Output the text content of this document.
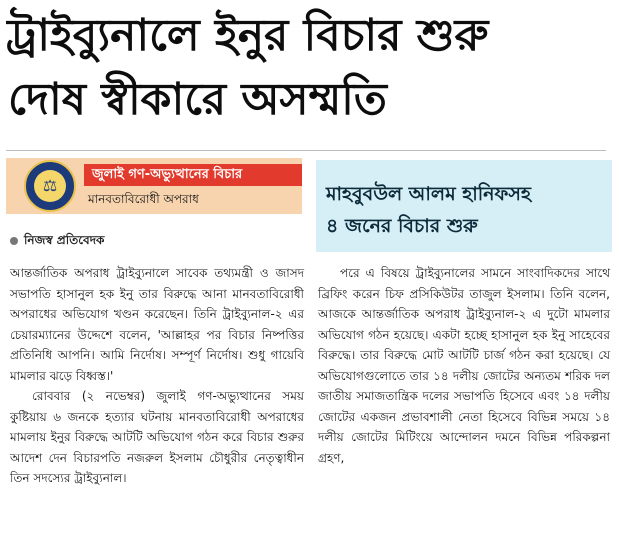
ট্রাইব্যুনালে ইনুর বিচার শুরু
দোষ স্বীকারে অসম্মতি
⚖
জুলাই গণ-অভ্যুত্থানের বিচার
মানবতাবিরোধী অপরাধ	মাহবুবউল আলম হানিফসহ
৪ জনের বিচার শুরু
নিজস্ব প্রতিবেদক

আন্তর্জাতিক অপরাধ ট্রাইব্যুনালে সাবেক তথ্যমন্ত্রী ও জাসদ সভাপতি হাসানুল হক ইনু তার বিরুদ্ধে আনা মানবতাবিরোধী অপরাধের অভিযোগ খণ্ডন করেছেন। তিনি ট্রাইব্যুনাল-২ এর চেয়ারম্যানের উদ্দেশে বলেন, 'আল্লাহর পর বিচার নিষ্পত্তির প্রতিনিধি আপনি। আমি নির্দোষ। সম্পূর্ণ নির্দোষ। শুধু গায়েবি মামলার ঝড়ে বিধ্বস্ত।'

রোববার (২ নভেম্বর) জুলাই গণ-অভ্যুত্থানের সময় কুষ্টিয়ায় ৬ জনকে হত্যার ঘটনায় মানবতাবিরোধী অপরাধের মামলায় ইনুর বিরুদ্ধে আটটি অভিযোগ গঠন করে বিচার শুরুর আদেশ দেন বিচারপতি নজরুল ইসলাম চৌধুরীর নেতৃত্বাধীন তিন সদস্যের ট্রাইব্যুনাল।

পরে এ বিষয়ে ট্রাইব্যুনালের সামনে সাংবাদিকদের সাথে ব্রিফিং করেন চিফ প্রসিকিউটর তাজুল ইসলাম। তিনি বলেন, আজকে আন্তর্জাতিক অপরাধ ট্রাইব্যুনাল-২ এ দুটো মামলার অভিযোগ গঠন হয়েছে। একটা হচ্ছে হাসানুল হক ইনু সাহেবের বিরুদ্ধে। তার বিরুদ্ধে মোট আটটি চার্জ গঠন করা হয়েছে। যে অভিযোগগুলোতে তার ১৪ দলীয় জোটের অন্যতম শরিক দল জাতীয় সমাজতান্ত্রিক দলের সভাপতি হিসেবে এবং ১৪ দলীয় জোটের একজন প্রভাবশালী নেতা হিসেবে বিভিন্ন সময়ে ১৪ দলীয় জোটের মিটিংয়ে আন্দোলন দমনে বিভিন্ন পরিকল্পনা গ্রহণ,
